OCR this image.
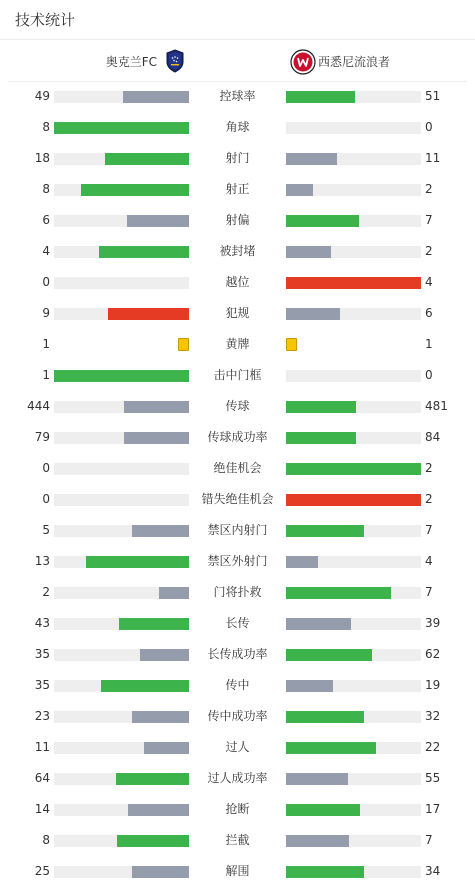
技术统计
奥克兰FC	西悉尼流浪者
49	控球率	51
8	角球	0
18	射门	11
8	射正	2
6	射偏	7
4	被封堵	2
0	越位	4
9	犯规	6
1	黄牌	1
1	击中门框	0
444	传球	481
79	传球成功率	84
0	绝佳机会	2
0	错失绝佳机会	2
5	禁区内射门	7
13	禁区外射门	4
2	门将扑救	7
43	长传	39
35	长传成功率	62
35	传中	19
23	传中成功率	32
11	过人	22
64	过人成功率	55
14	抢断	17
8	拦截	7
25	解围	34
